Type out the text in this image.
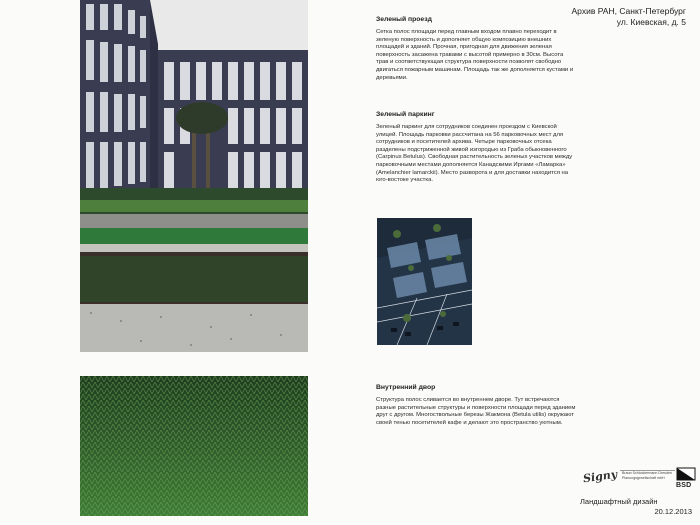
Архив РАН, Санкт-Петербург
ул. Киевская, д. 5
Зеленый проезд

Сетка полос площади перед главным входом плавно переходит в зеленую поверхность и дополняет общую композицию внешних площадей и зданий. Прочная, пригодная для движения зеленая поверхность засажена травами с высотой примерно в 30см. Высота трав и соответствующая структура поверхности позволят свободно двигаться пожарным машинам. Площадь так же дополняется кустами и деревьями.

Зеленый паркинг

Зеленый паркинг для сотрудников соединен проездом с Киевской улицей. Площадь парковки рассчитана на 56 парковочных мест для сотрудников и посетителей архива. Четыре парковочных отсека разделены подстриженной живой изгородью из Граба обыкновенного (Carpinus Betulus). Свободная растительность зеленых участков между парковочными местами дополняется Канадскими Иргами «Ламарка» (Amelanchier lamarckii). Место разворота и для доставки находится на юго-востоке участка.

Внутренний двор

Структура полос сливается во внутреннем дворе. Тут встречаются разные растительные структуры и поверхности площади перед зданием друг с другом. Многоствольные березы Жакмона (Betula utilis) окружают своей тенью посетителей кафе и делают это пространство уютным.

Signy Braun Schlockermann Dresden
Planungsgesellschaft mbH
BSD
Ландшафтный дизайн
20.12.2013
